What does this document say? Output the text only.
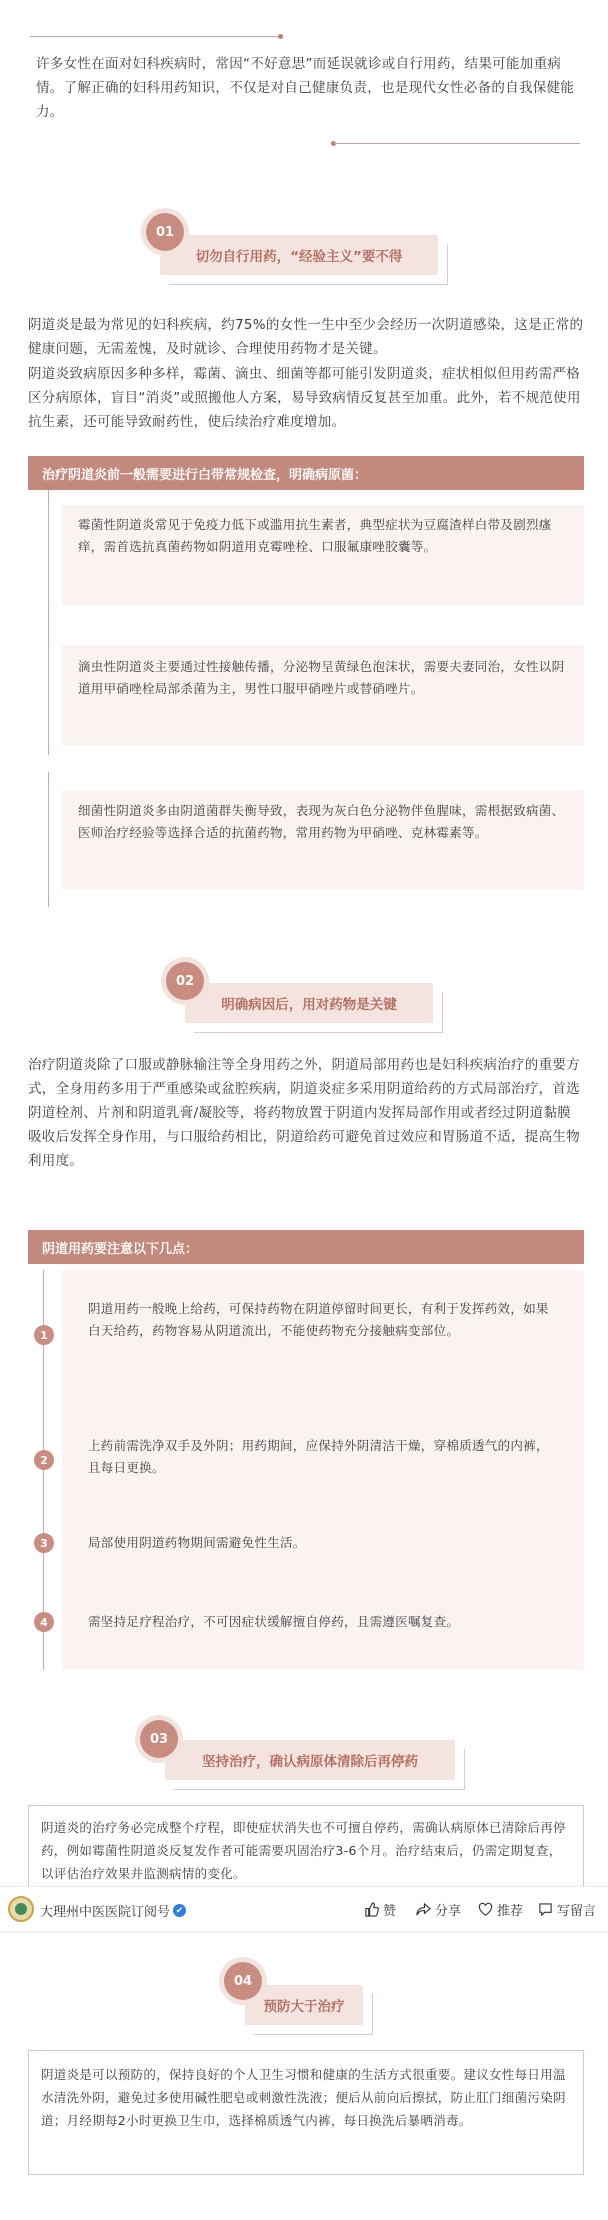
许多女性在面对妇科疾病时，常因“不好意思”而延误就诊或自行用药，结果可能加重病情。了解正确的妇科用药知识，不仅是对自己健康负责，也是现代女性必备的自我保健能力。
切勿自行用药，“经验主义”要不得
01
阴道炎是最为常见的妇科疾病，约75%的女性一生中至少会经历一次阴道感染，这是正常的健康问题，无需羞愧，及时就诊、合理使用药物才是关键。
阴道炎致病原因多种多样，霉菌、滴虫、细菌等都可能引发阴道炎，症状相似但用药需严格区分病原体，盲目“消炎”或照搬他人方案，易导致病情反复甚至加重。此外，若不规范使用抗生素，还可能导致耐药性，使后续治疗难度增加。
治疗阴道炎前一般需要进行白带常规检查，明确病原菌：
霉菌性阴道炎常见于免疫力低下或滥用抗生素者，典型症状为豆腐渣样白带及剧烈瘙痒，需首选抗真菌药物如阴道用克霉唑栓、口服氟康唑胶囊等。
滴虫性阴道炎主要通过性接触传播，分泌物呈黄绿色泡沫状，需要夫妻同治，女性以阴道用甲硝唑栓局部杀菌为主，男性口服甲硝唑片或替硝唑片。
细菌性阴道炎多由阴道菌群失衡导致，表现为灰白色分泌物伴鱼腥味，需根据致病菌、医师治疗经验等选择合适的抗菌药物，常用药物为甲硝唑、克林霉素等。
明确病因后，用对药物是关键
02
治疗阴道炎除了口服或静脉输注等全身用药之外，阴道局部用药也是妇科疾病治疗的重要方式，全身用药多用于严重感染或盆腔疾病，阴道炎症多采用阴道给药的方式局部治疗，首选阴道栓剂、片剂和阴道乳膏/凝胶等，将药物放置于阴道内发挥局部作用或者经过阴道黏膜吸收后发挥全身作用，与口服给药相比，阴道给药可避免首过效应和胃肠道不适，提高生物利用度。
阴道用药要注意以下几点：
1
阴道用药一般晚上给药，可保持药物在阴道停留时间更长，有利于发挥药效，如果白天给药，药物容易从阴道流出，不能使药物充分接触病变部位。
2
上药前需洗净双手及外阴；用药期间，应保持外阴清洁干燥，穿棉质透气的内裤，且每日更换。
3	局部使用阴道药物期间需避免性生活。
4	需坚持足疗程治疗，不可因症状缓解擅自停药，且需遵医嘱复查。
坚持治疗，确认病原体清除后再停药
03
阴道炎的治疗务必完成整个疗程，即使症状消失也不可擅自停药，需确认病原体已清除后再停药，例如霉菌性阴道炎反复发作者可能需要巩固治疗3-6个月。治疗结束后，仍需定期复查，以评估治疗效果并监测病情的变化。
大理州中医医院订阅号 ✔	赞	分享	推荐	写留言
预防大于治疗
04
阴道炎是可以预防的，保持良好的个人卫生习惯和健康的生活方式很重要。建议女性每日用温水清洗外阴，避免过多使用碱性肥皂或刺激性洗液；便后从前向后擦拭，防止肛门细菌污染阴道；月经期每2小时更换卫生巾，选择棉质透气内裤，每日换洗后暴晒消毒。
